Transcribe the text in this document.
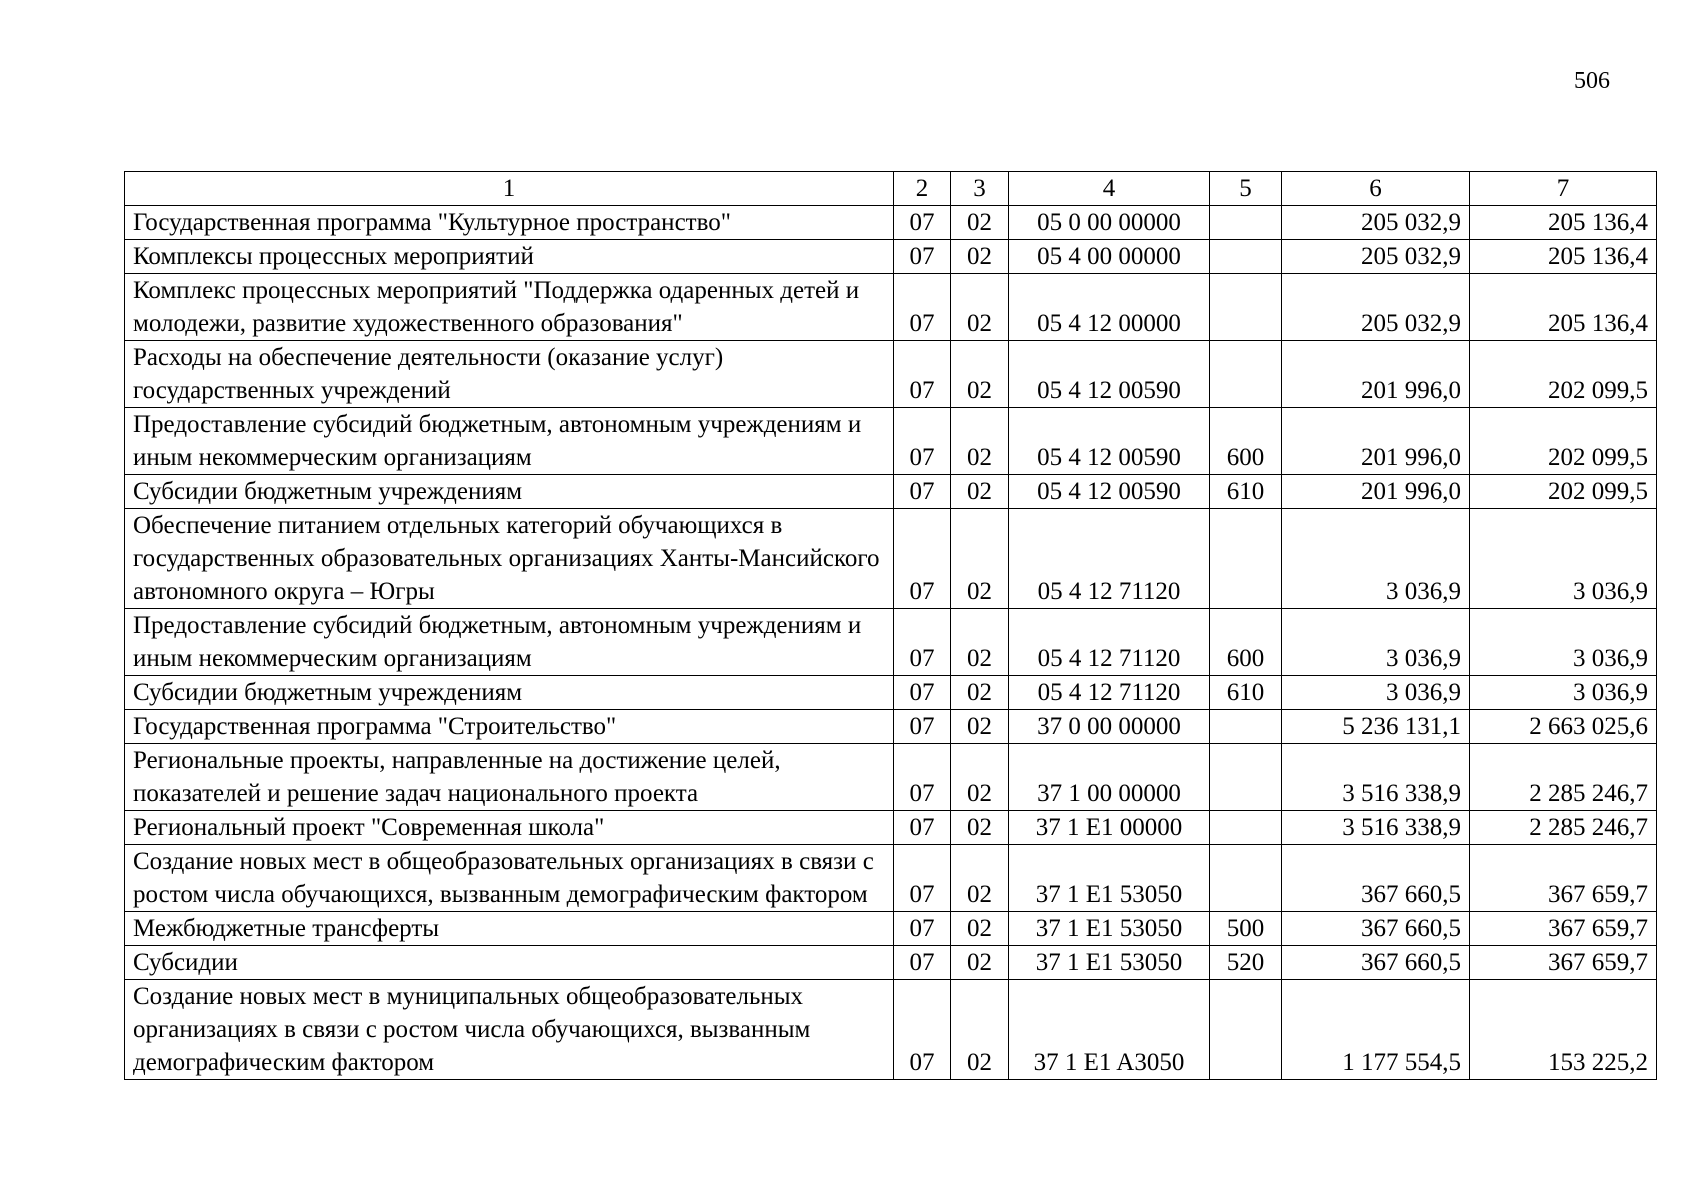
506
1	2	3	4	5	6	7
Государственная программа "Культурное пространство"	07	02	05 0 00 00000		205 032,9	205 136,4
Комплексы процессных мероприятий	07	02	05 4 00 00000		205 032,9	205 136,4
Комплекс процессных мероприятий "Поддержка одаренных детей и молодежи, развитие художественного образования"	07	02	05 4 12 00000		205 032,9	205 136,4
Расходы на обеспечение деятельности (оказание услуг) государственных учреждений	07	02	05 4 12 00590		201 996,0	202 099,5
Предоставление субсидий бюджетным, автономным учреждениям и иным некоммерческим организациям	07	02	05 4 12 00590	600	201 996,0	202 099,5
Субсидии бюджетным учреждениям	07	02	05 4 12 00590	610	201 996,0	202 099,5
Обеспечение питанием отдельных категорий обучающихся в государственных образовательных организациях Ханты-Мансийского автономного округа – Югры	07	02	05 4 12 71120		3 036,9	3 036,9
Предоставление субсидий бюджетным, автономным учреждениям и иным некоммерческим организациям	07	02	05 4 12 71120	600	3 036,9	3 036,9
Субсидии бюджетным учреждениям	07	02	05 4 12 71120	610	3 036,9	3 036,9
Государственная программа "Строительство"	07	02	37 0 00 00000		5 236 131,1	2 663 025,6
Региональные проекты, направленные на достижение целей, показателей и решение задач национального проекта	07	02	37 1 00 00000		3 516 338,9	2 285 246,7
Региональный проект "Современная школа"	07	02	37 1 E1 00000		3 516 338,9	2 285 246,7
Создание новых мест в общеобразовательных организациях в связи с ростом числа обучающихся, вызванным демографическим фактором	07	02	37 1 E1 53050		367 660,5	367 659,7
Межбюджетные трансферты	07	02	37 1 E1 53050	500	367 660,5	367 659,7
Субсидии	07	02	37 1 E1 53050	520	367 660,5	367 659,7
Создание новых мест в муниципальных общеобразовательных организациях в связи с ростом числа обучающихся, вызванным демографическим фактором	07	02	37 1 E1 A3050		1 177 554,5	153 225,2
